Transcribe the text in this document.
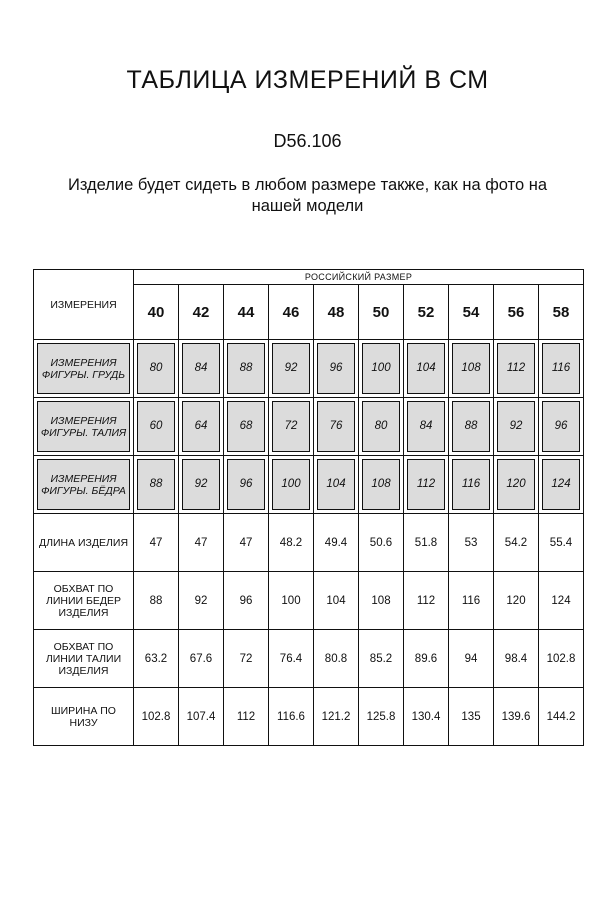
ТАБЛИЦА ИЗМЕРЕНИЙ В СМ

D56.106

Изделие будет сидеть в любом размере также, как на фото на
нашей модели

ИЗМЕРЕНИЯ	РОССИЙСКИЙ РАЗМЕР									
	40	42	44	46	48	50	52	54	56	58

ИЗМЕРЕНИЯ
ФИГУРЫ. ГРУДЬ	80	84	88	92	96	100	104	108	112	116

ИЗМЕРЕНИЯ
ФИГУРЫ. ТАЛИЯ	60	64	68	72	76	80	84	88	92	96

ИЗМЕРЕНИЯ
ФИГУРЫ. БЁДРА	88	92	96	100	104	108	112	116	120	124

ДЛИНА ИЗДЕЛИЯ	47	47	47	48.2	49.4	50.6	51.8	53	54.2	55.4

ОБХВАТ ПО
ЛИНИИ БЕДЕР
ИЗДЕЛИЯ	88	92	96	100	104	108	112	116	120	124

ОБХВАТ ПО
ЛИНИИ ТАЛИИ
ИЗДЕЛИЯ	63.2	67.6	72	76.4	80.8	85.2	89.6	94	98.4	102.8

ШИРИНА ПО
НИЗУ	102.8	107.4	112	116.6	121.2	125.8	130.4	135	139.6	144.2
